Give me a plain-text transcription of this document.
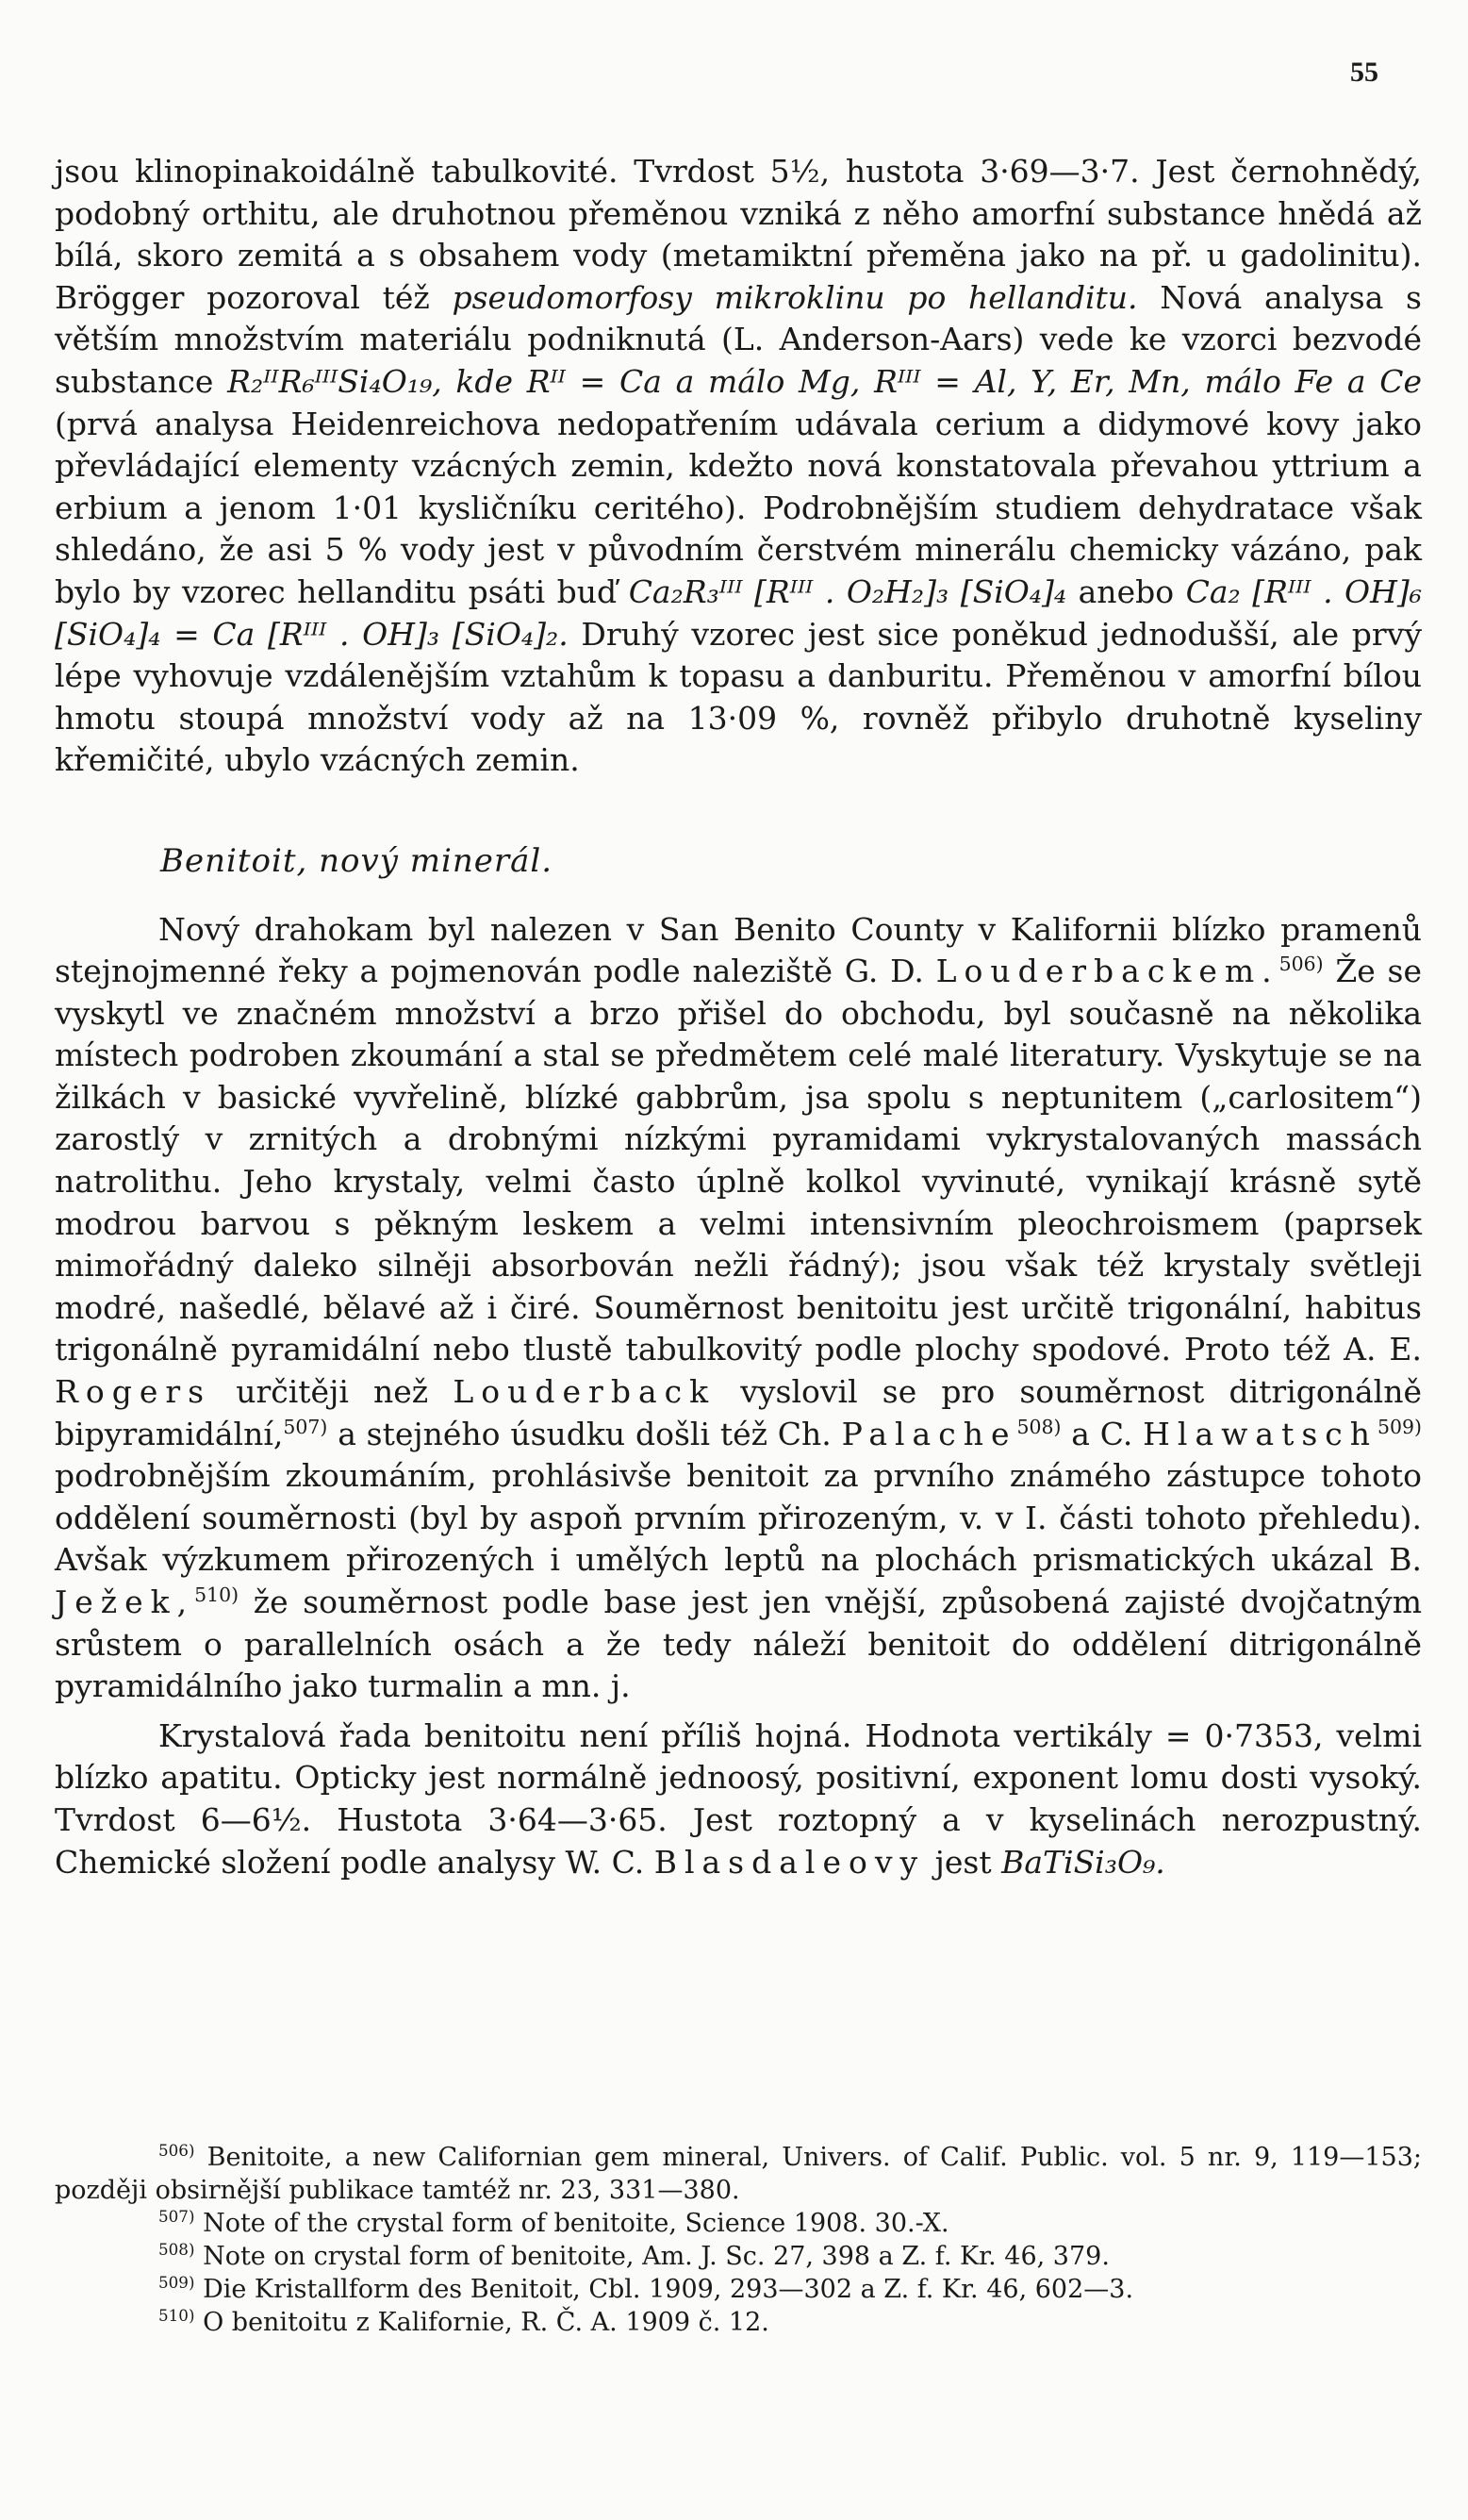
55

jsou klinopinakoidálně tabulkovité. Tvrdost 5½, hustota 3·69—3·7. Jest černohnědý, podobný orthitu, ale druhotnou přeměnou vzniká z něho amorfní substance hnědá až bílá, skoro zemitá a s obsahem vody (metamiktní přeměna jako na př. u gadolinitu). Brögger pozoroval též pseudomorfosy mikroklinu po hellanditu. Nová analysa s větším množstvím materiálu podniknutá (L. Anderson-Aars) vede ke vzorci bezvodé substance R₂ᴵᴵR₆ᴵᴵᴵSi₄O₁₉, kde Rᴵᴵ = Ca a málo Mg, Rᴵᴵᴵ = Al, Y, Er, Mn, málo Fe a Ce (prvá analysa Heidenreichova nedopatřením udávala cerium a didymové kovy jako převládající elementy vzácných zemin, kdežto nová konstatovala převahou yttrium a erbium a jenom 1·01 kysličníku ceritého). Podrobnějším studiem dehydratace však shledáno, že asi 5 % vody jest v původním čerstvém minerálu chemicky vázáno, pak bylo by vzorec hellanditu psáti buď Ca₂R₃ᴵᴵᴵ [Rᴵᴵᴵ . O₂H₂]₃ [SiO₄]₄ anebo Ca₂ [Rᴵᴵᴵ . OH]₆ [SiO₄]₄ = Ca [Rᴵᴵᴵ . OH]₃ [SiO₄]₂. Druhý vzorec jest sice poněkud jednodušší, ale prvý lépe vyhovuje vzdálenějším vztahům k topasu a danburitu. Přeměnou v amorfní bílou hmotu stoupá množství vody až na 13·09 %, rovněž přibylo druhotně kyseliny křemičité, ubylo vzácných zemin.

Benitoit, nový minerál.

Nový drahokam byl nalezen v San Benito County v Kalifornii blízko pramenů stejnojmenné řeky a pojmenován podle naleziště G. D. Louderbackem.$^{506)}$ Že se vyskytl ve značném množství a brzo přišel do obchodu, byl současně na několika místech podroben zkoumání a stal se předmětem celé malé literatury. Vyskytuje se na žilkách v basické vyvřelině, blízké gabbrům, jsa spolu s neptunitem („carlositem“) zarostlý v zrnitých a drobnými nízkými pyramidami vykrystalovaných massách natrolithu. Jeho krystaly, velmi často úplně kolkol vyvinuté, vynikají krásně sytě modrou barvou s pěkným leskem a velmi intensivním pleochroismem (paprsek mimořádný daleko silněji absorbován nežli řádný); jsou však též krystaly světleji modré, našedlé, bělavé až i čiré. Souměrnost benitoitu jest určitě trigonální, habitus trigonálně pyramidální nebo tlustě tabulkovitý podle plochy spodové. Proto též A. E. Rogers určitěji než Louderback vyslovil se pro souměrnost ditrigonálně bipyramidální,$^{507)}$ a stejného úsudku došli též Ch. Palache$^{508)}$ a C. Hlawatsch$^{509)}$ podrobnějším zkoumáním, prohlásivše benitoit za prvního známého zástupce tohoto oddělení souměrnosti (byl by aspoň prvním přirozeným, v. v I. části tohoto přehledu). Avšak výzkumem přirozených i umělých leptů na plochách prismatických ukázal B. Ježek,$^{510)}$ že souměrnost podle base jest jen vnější, způsobená zajisté dvojčatným srůstem o parallelních osách a že tedy náleží benitoit do oddělení ditrigonálně pyramidálního jako turmalin a mn. j.

Krystalová řada benitoitu není příliš hojná. Hodnota vertikály = 0·7353, velmi blízko apatitu. Opticky jest normálně jednoosý, positivní, exponent lomu dosti vysoký. Tvrdost 6—6½. Hustota 3·64—3·65. Jest roztopný a v kyselinách nerozpustný. Chemické složení podle analysy W. C. Blasdaleovy jest BaTiSi₃O₉.

$^{506)}$ Benitoite, a new Californian gem mineral, Univers. of Calif. Public. vol. 5 nr. 9, 119—153; později obsirnější publikace tamtéž nr. 23, 331—380.

$^{507)}$ Note of the crystal form of benitoite, Science 1908. 30.-X.

$^{508)}$ Note on crystal form of benitoite, Am. J. Sc. 27, 398 a Z. f. Kr. 46, 379.

$^{509)}$ Die Kristallform des Benitoit, Cbl. 1909, 293—302 a Z. f. Kr. 46, 602—3.

$^{510)}$ O benitoitu z Kalifornie, R. Č. A. 1909 č. 12.
